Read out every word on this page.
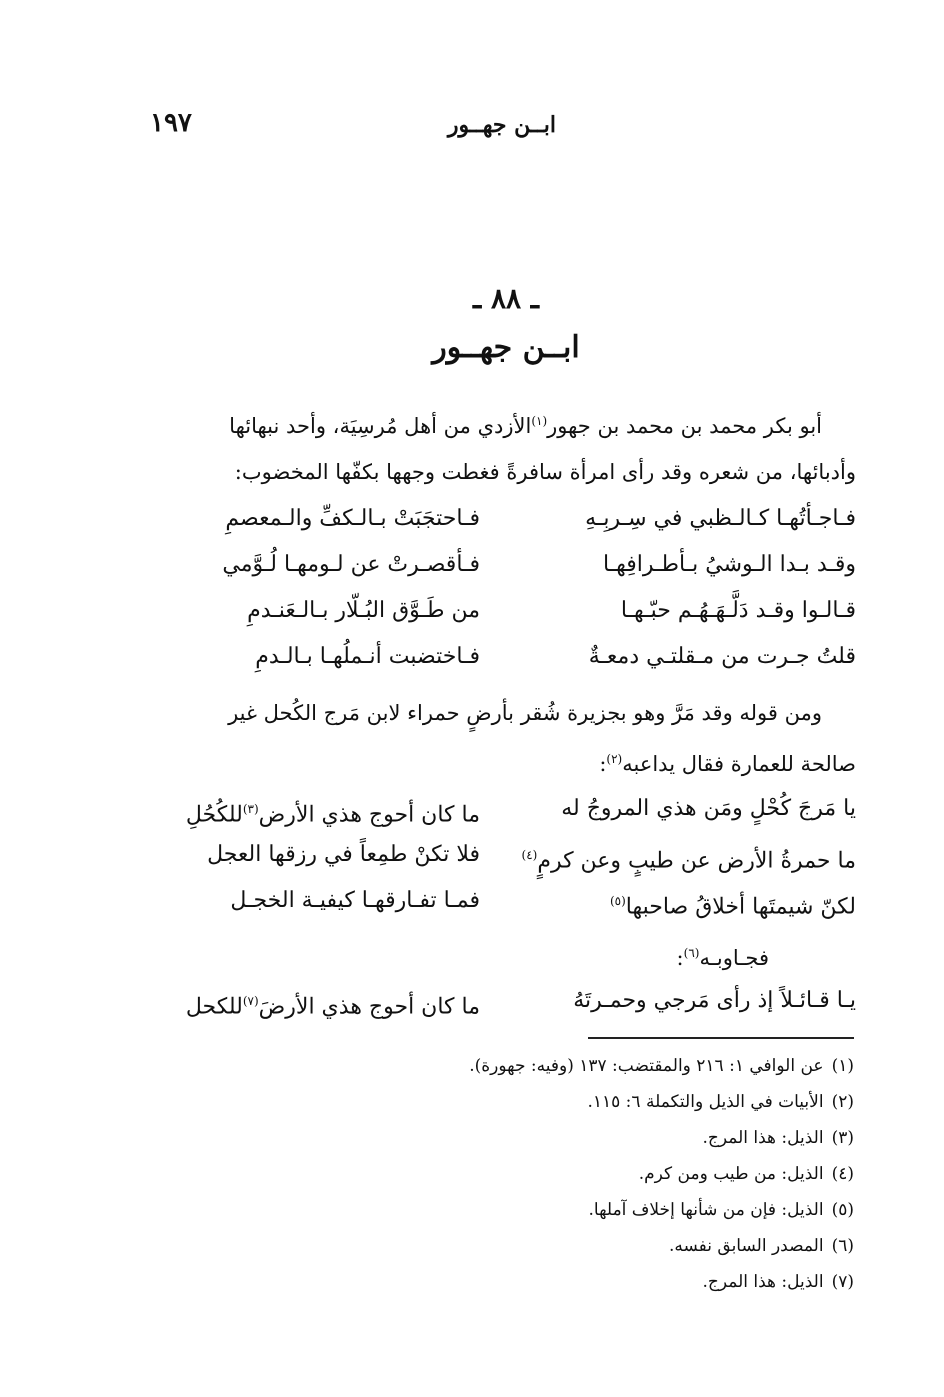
ابــن جهــور
١٩٧
ـ ٨٨ ـ
ابــن جهــور
أبو بكر محمد بن محمد بن جهور$^{(١)}$الأزدي من أهل مُرسِيَة، وأحد نبهائها
وأدبائها، من شعره وقد رأى امرأة سافرةً فغطت وجهها بكفّها المخضوب:
فـاجـأتُهـا كـالـظبي في سِـربِـهِ
فـاحتجَبَتْ بـالـكفِّ والـمعصمِ
وقـد بـدا الـوشيُ بـأطـرافِهـا
فـأقصـرتْ عن لـومهـا لُـوَّمي
قـالـوا وقـد دَلَّـهَـهُـم حبّـهـا
من طَـوَّق البُـلّار بـالـعَنـدمِ
قلتُ جـرت من مـقلتـي دمعـةٌ
فـاختضبت أنـملُهـا بـالـدمِ
ومن قوله وقد مَرَّ وهو بجزيرة شُقر بأرضٍ حمراء لابن مَرج الكُحل غير
صالحة للعمارة فقال يداعبه$^{(٢)}$:
يا مَرجَ كُحْلٍ ومَن هذي المروجُ له
ما كان أحوج هذي الأرض$^{(٣)}$للكُحُلِ
ما حمرةُ الأرض عن طيبٍ وعن كرمٍ$^{(٤)}$
فلا تكنْ طمِعاً في رزقها العجل
لكنّ شيمتَها أخلاقُ صاحبها$^{(٥)}$
فمـا تفـارقهـا كيفيـة الخجـل
فجـاوبـه$^{(٦)}$:
يـا قـائـلاً إذ رأى مَرجي وحمـرتَهُ
ما كان أحوج هذي الأرضَ$^{(٧)}$للكحل
(١)عن الوافي ١: ٢١٦ والمقتضب: ١٣٧ (وفيه: جهورة).
(٢)الأبيات في الذيل والتكملة ٦: ١١٥.
(٣)الذيل: هذا المرج.
(٤)الذيل: من طيب ومن كرم.
(٥)الذيل: فإن من شأنها إخلاف آملها.
(٦)المصدر السابق نفسه.
(٧)الذيل: هذا المرج.
